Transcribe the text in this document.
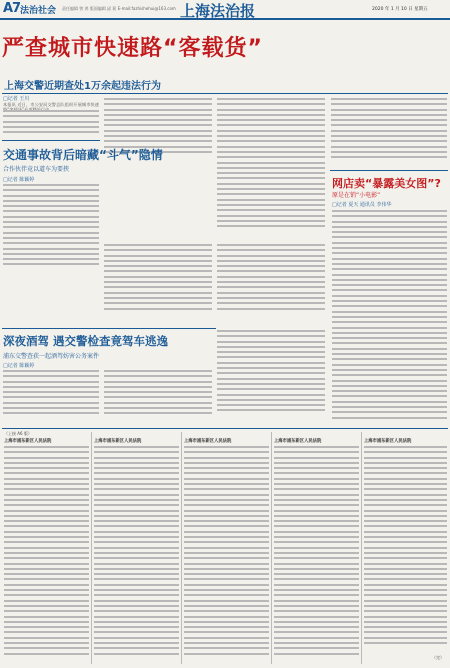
A7 法治社会 责任编辑 曾 鸿 版面编辑 邱 莉 E-mail:fazhishehui@163.com 上海法治报	2020 年 1 月 10 日 星期五
严查城市快速路“客载货”
上海交警近期查处1万余起违法行为
□记者 王川
本报讯 近日，市公安局交警总队组织开展城市快速
交通事故背后暗藏“斗气”隐情
合作伙伴竟以道车为要挟
□记者 陈颖婷	网店卖“暴露美女图”?
原是在销“小电影”
□记者 夏天 通讯员 李伟华
深夜酒驾 遇交警检查竟驾车逃逸
浦东交警查获一起酒驾妨害公务案件
□记者 陈颖婷
（上接 A6 版）
上海市浦东新区人民法院	上海市浦东新区人民法院	上海市浦东新区人民法院	上海市浦东新区人民法院	上海市浦东新区人民法院
（完）
